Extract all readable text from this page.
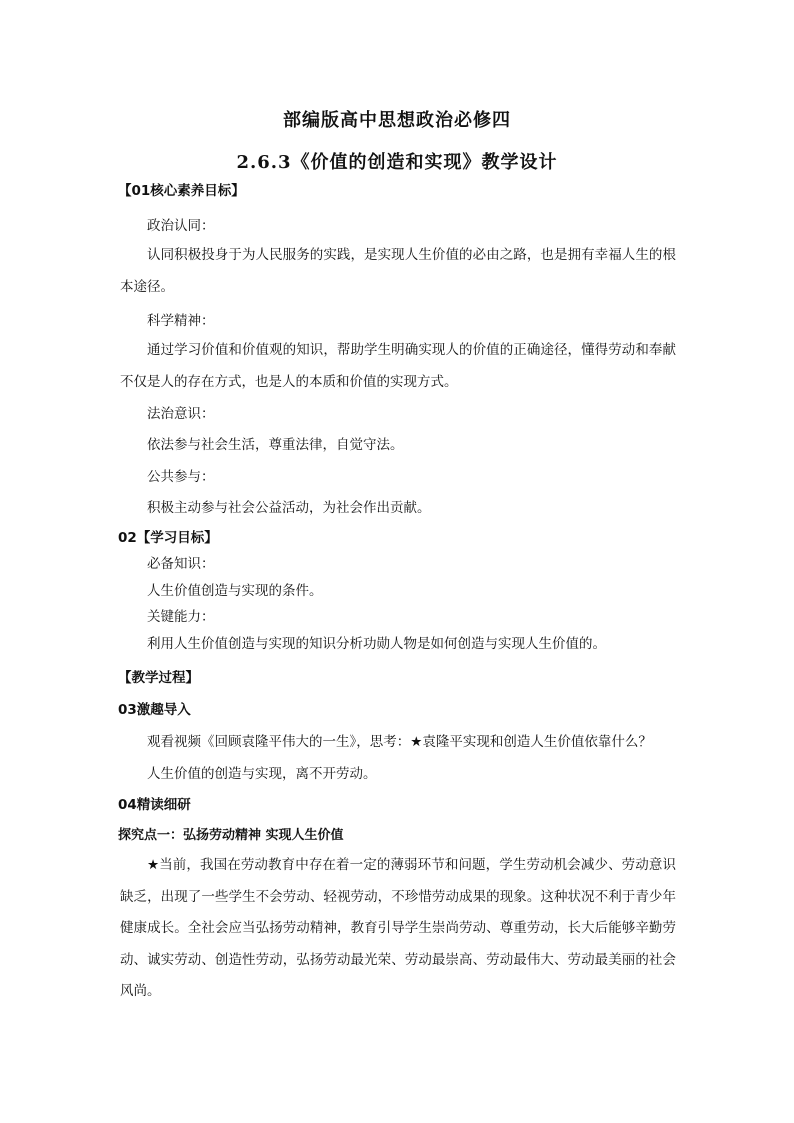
部编版高中思想政治必修四
2.6.3《价值的创造和实现》教学设计
【01核心素养目标】
政治认同：

认同积极投身于为人民服务的实践，是实现人生价值的必由之路，也是拥有幸福人生的根本途径。

科学精神：

通过学习价值和价值观的知识，帮助学生明确实现人的价值的正确途径，懂得劳动和奉献不仅是人的存在方式，也是人的本质和价值的实现方式。

法治意识：
依法参与社会生活，尊重法律，自觉守法。
公共参与：
积极主动参与社会公益活动，为社会作出贡献。
02【学习目标】
必备知识：
人生价值创造与实现的条件。
关键能力：
利用人生价值创造与实现的知识分析功勋人物是如何创造与实现人生价值的。
【教学过程】
03激趣导入
观看视频《回顾袁隆平伟大的一生》，思考：★袁隆平实现和创造人生价值依靠什么？
人生价值的创造与实现，离不开劳动。
04精读细研
探究点一：弘扬劳动精神 实现人生价值

★当前，我国在劳动教育中存在着一定的薄弱环节和问题，学生劳动机会减少、劳动意识缺乏，出现了一些学生不会劳动、轻视劳动，不珍惜劳动成果的现象。这种状况不利于青少年健康成长。全社会应当弘扬劳动精神，教育引导学生崇尚劳动、尊重劳动，长大后能够辛勤劳动、诚实劳动、创造性劳动，弘扬劳动最光荣、劳动最崇高、劳动最伟大、劳动最美丽的社会风尚。
